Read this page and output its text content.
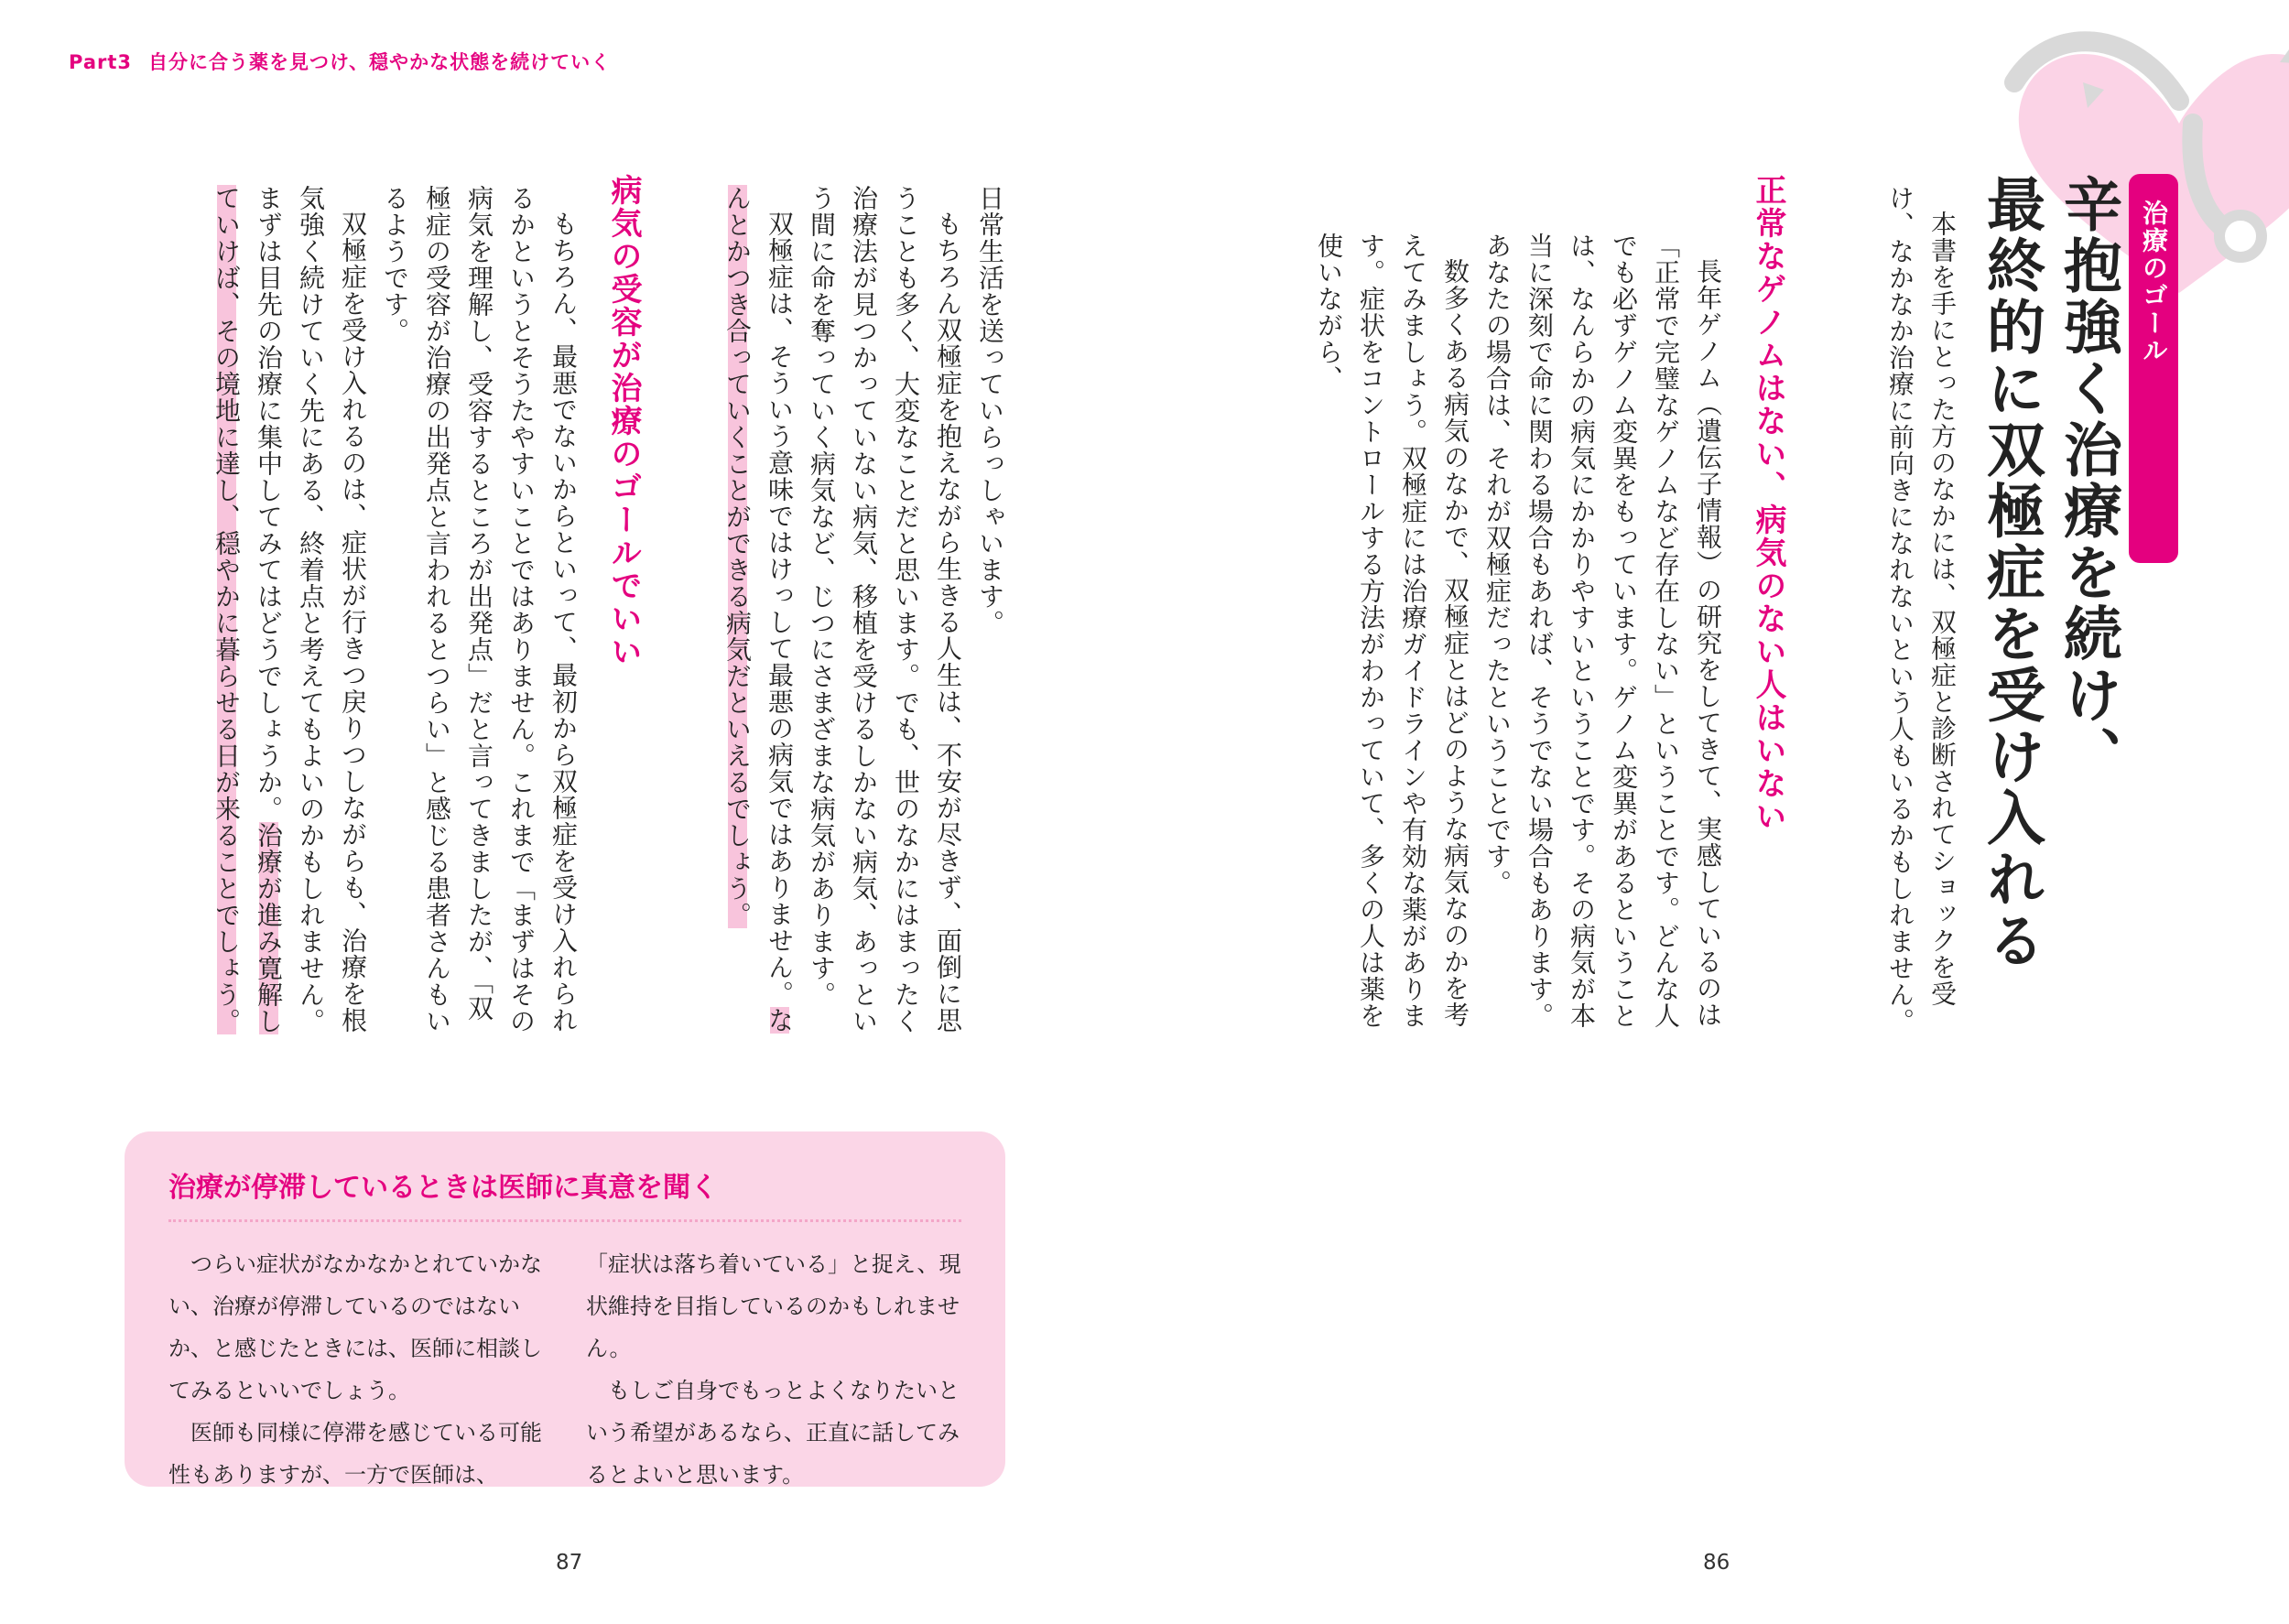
Part3 自分に合う薬を見つけ、穏やかな状態を続けていく
治療のゴール
辛抱強く治療を続け、
最終的に双極症を受け入れる

本書を手にとった方のなかには、双極症と診断されてショックを受け、なかなか治療に前向きになれないという人もいるかもしれません。

正常なゲノムはない、病気のない人はいない

長年ゲノム（遺伝子情報）の研究をしてきて、実感しているのは「正常で完璧なゲノムなど存在しない」ということです。どんな人でも必ずゲノム変異をもっています。ゲノム変異があるということは、なんらかの病気にかかりやすいということです。その病気が本当に深刻で命に関わる場合もあれば、そうでない場合もあります。あなたの場合は、それが双極症だったということです。

数多くある病気のなかで、双極症とはどのような病気なのかを考えてみましょう。双極症には治療ガイドラインや有効な薬があります。症状をコントロールする方法がわかっていて、多くの人は薬を使いながら、

日常生活を送っていらっしゃいます。

もちろん双極症を抱えながら生きる人生は、不安が尽きず、面倒に思うことも多く、大変なことだと思います。でも、世のなかにはまったく治療法が見つかっていない病気、移植を受けるしかない病気、あっという間に命を奪っていく病気など、じつにさまざまな病気があります。

双極症は、そういう意味ではけっして最悪の病気ではありません。なんとかつき合っていくことができる病気だといえるでしょう。

病気の受容が治療のゴールでいい

もちろん、最悪でないからといって、最初から双極症を受け入れられるかというとそうたやすいことではありません。これまで「まずはその病気を理解し、受容するところが出発点」だと言ってきましたが、「双極症の受容が治療の出発点と言われるとつらい」と感じる患者さんもいるようです。

双極症を受け入れるのは、症状が行きつ戻りつしながらも、治療を根気強く続けていく先にある、終着点と考えてもよいのかもしれません。まずは目先の治療に集中してみてはどうでしょうか。治療が進み寛解していけば、その境地に達し、穏やかに暮らせる日が来ることでしょう。

治療が停滞しているときは医師に真意を聞く

つらい症状がなかなかとれていかない、治療が停滞しているのではないか、と感じたときには、医師に相談してみるといいでしょう。

医師も同様に停滞を感じている可能性もありますが、一方で医師は、

「症状は落ち着いている」と捉え、現状維持を目指しているのかもしれません。

もしご自身でもっとよくなりたいという希望があるなら、正直に話してみるとよいと思います。

87	86
